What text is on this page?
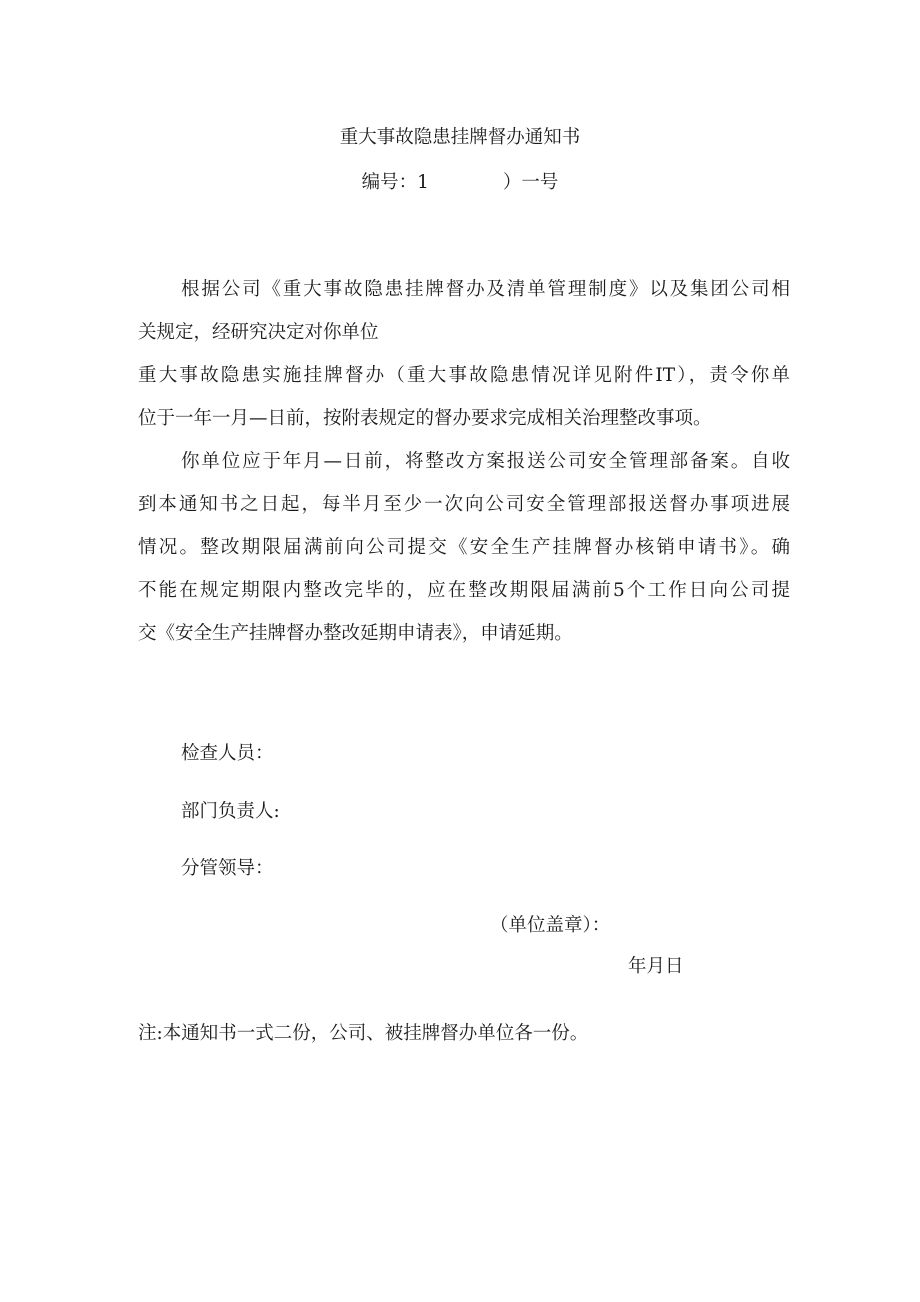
重大事故隐患挂牌督办通知书
编号：1	）一号
根据公司《重大事故隐患挂牌督办及清单管理制度》以及集团公司相
关规定，经研究决定对你单位
重大事故隐患实施挂牌督办（重大事故隐患情况详见附件IT），责令你单
位于一年一月—日前，按附表规定的督办要求完成相关治理整改事项。
你单位应于年月—日前，将整改方案报送公司安全管理部备案。自收
到本通知书之日起，每半月至少一次向公司安全管理部报送督办事项进展
情况。整改期限届满前向公司提交《安全生产挂牌督办核销申请书》。确
不能在规定期限内整改完毕的，应在整改期限届满前5个工作日向公司提
交《安全生产挂牌督办整改延期申请表》，申请延期。
检查人员：
部门负责人:
分管领导：
（单位盖章）：
年月日
注:本通知书一式二份，公司、被挂牌督办单位各一份。
